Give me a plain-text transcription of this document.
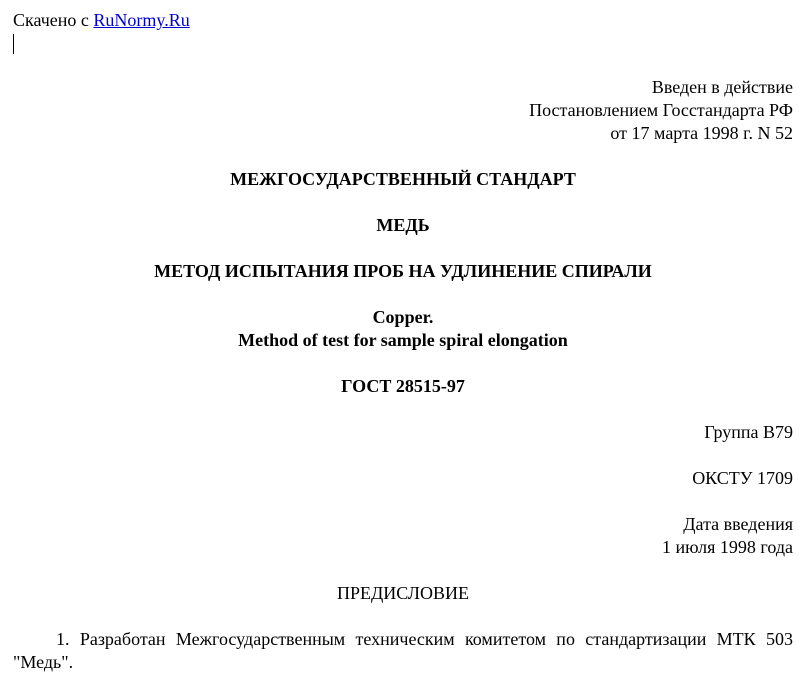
Скачено с RuNormy.Ru

Введен в действие

Постановлением Госстандарта РФ

от 17 марта 1998 г. N 52

МЕЖГОСУДАРСТВЕННЫЙ СТАНДАРТ

МЕДЬ

МЕТОД ИСПЫТАНИЯ ПРОБ НА УДЛИНЕНИЕ СПИРАЛИ

Copper.

Method of test for sample spiral elongation

ГОСТ 28515-97

Группа В79

ОКСТУ 1709

Дата введения

1 июля 1998 года

ПРЕДИСЛОВИЕ

1. Разработан Межгосударственным техническим комитетом по стандартизации МТК 503 "Медь".
